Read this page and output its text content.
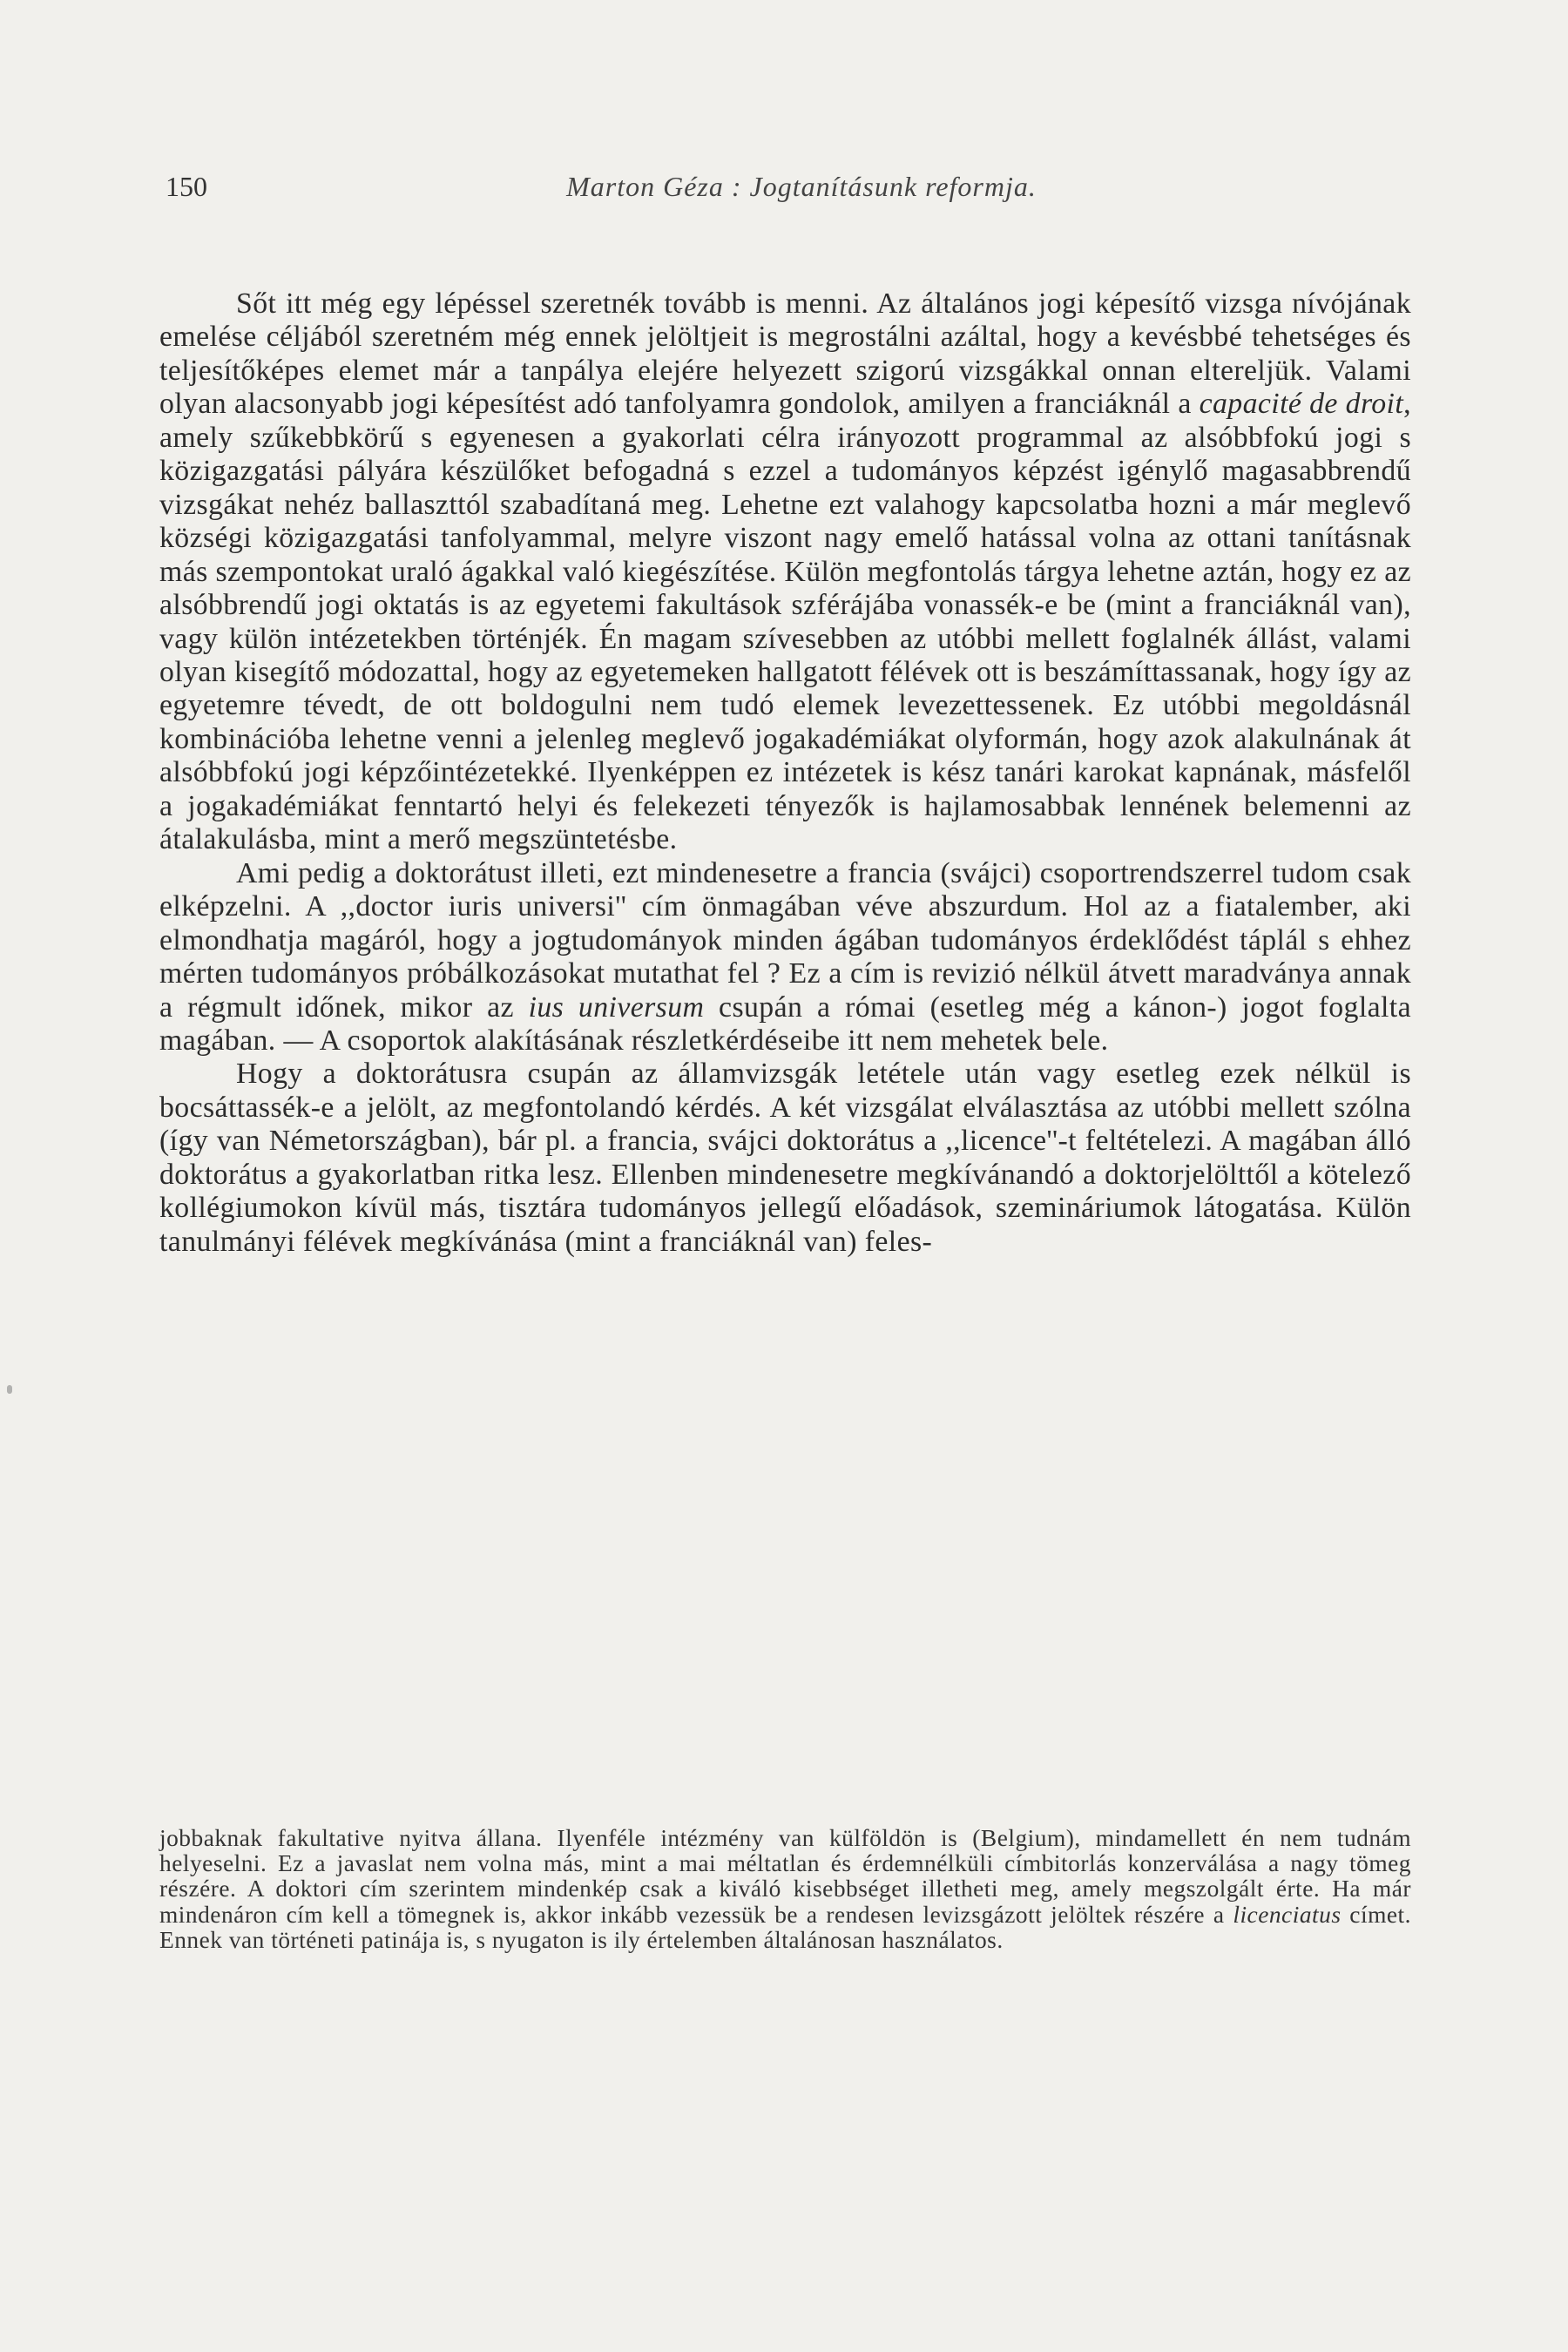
150	Marton Géza : Jogtanításunk reformja.

Sőt itt még egy lépéssel szeretnék tovább is menni. Az általános jogi képesítő vizsga nívójának emelése céljából szeretném még ennek jelöltjeit is megrostálni azáltal, hogy a kevésbbé tehetséges és teljesítőképes elemet már a tanpálya elejére helyezett szigorú vizsgákkal onnan eltereljük. Valami olyan alacsonyabb jogi képesítést adó tanfolyamra gondolok, amilyen a franciáknál a capacité de droit, amely szűkebbkörű s egyenesen a gyakorlati célra irányozott programmal az alsóbbfokú jogi s közigazgatási pályára készülőket befogadná s ezzel a tudományos képzést igénylő magasabbrendű vizsgákat nehéz ballaszttól szabadítaná meg. Lehetne ezt valahogy kapcsolatba hozni a már meglevő községi közigazgatási tanfolyammal, melyre viszont nagy emelő hatással volna az ottani tanításnak más szempontokat uraló ágakkal való kiegészítése. Külön megfontolás tárgya lehetne aztán, hogy ez az alsóbbrendű jogi oktatás is az egyetemi fakultások szférájába vonassék-e be (mint a franciáknál van), vagy külön intézetekben történjék. Én magam szívesebben az utóbbi mellett foglalnék állást, valami olyan kisegítő módozattal, hogy az egyetemeken hallgatott félévek ott is beszámíttassanak, hogy így az egyetemre tévedt, de ott boldogulni nem tudó elemek levezettessenek. Ez utóbbi megoldásnál kombinációba lehetne venni a jelenleg meglevő jogakadémiákat olyformán, hogy azok alakulnának át alsóbbfokú jogi képzőintézetekké. Ilyenképpen ez intézetek is kész tanári karokat kapnának, másfelől a jogakadémiákat fenntartó helyi és felekezeti tényezők is hajlamosabbak lennének belemenni az átalakulásba, mint a merő megszüntetésbe.

Ami pedig a doktorátust illeti, ezt mindenesetre a francia (svájci) csoportrendszerrel tudom csak elképzelni. A ,,doctor iuris universi'' cím önmagában véve abszurdum. Hol az a fiatalember, aki elmondhatja magáról, hogy a jogtudományok minden ágában tudományos érdeklődést táplál s ehhez mérten tudományos próbálkozásokat mutathat fel ? Ez a cím is revizió nélkül átvett maradványa annak a régmult időnek, mikor az ius universum csupán a római (esetleg még a kánon-) jogot foglalta magában. — A csoportok alakításának részletkérdéseibe itt nem mehetek bele.

Hogy a doktorátusra csupán az államvizsgák letétele után vagy esetleg ezek nélkül is bocsáttassék-e a jelölt, az megfontolandó kérdés. A két vizsgálat elválasztása az utóbbi mellett szólna (így van Németországban), bár pl. a francia, svájci doktorátus a ,,licence''-t feltételezi. A magában álló doktorátus a gyakorlatban ritka lesz. Ellenben mindenesetre megkívánandó a doktorjelölttől a kötelező kollégiumokon kívül más, tisztára tudományos jellegű előadások, szemináriumok látogatása. Külön tanulmányi félévek megkívánása (mint a franciáknál van) feles-

jobbaknak fakultative nyitva állana. Ilyenféle intézmény van külföldön is (Belgium), mindamellett én nem tudnám helyeselni. Ez a javaslat nem volna más, mint a mai méltatlan és érdemnélküli címbitorlás konzerválása a nagy tömeg részére. A doktori cím szerintem mindenkép csak a kiváló kisebbséget illetheti meg, amely megszolgált érte. Ha már mindenáron cím kell a tömegnek is, akkor inkább vezessük be a rendesen levizsgázott jelöltek részére a licenciatus címet. Ennek van történeti patinája is, s nyugaton is ily értelemben általánosan használatos.
